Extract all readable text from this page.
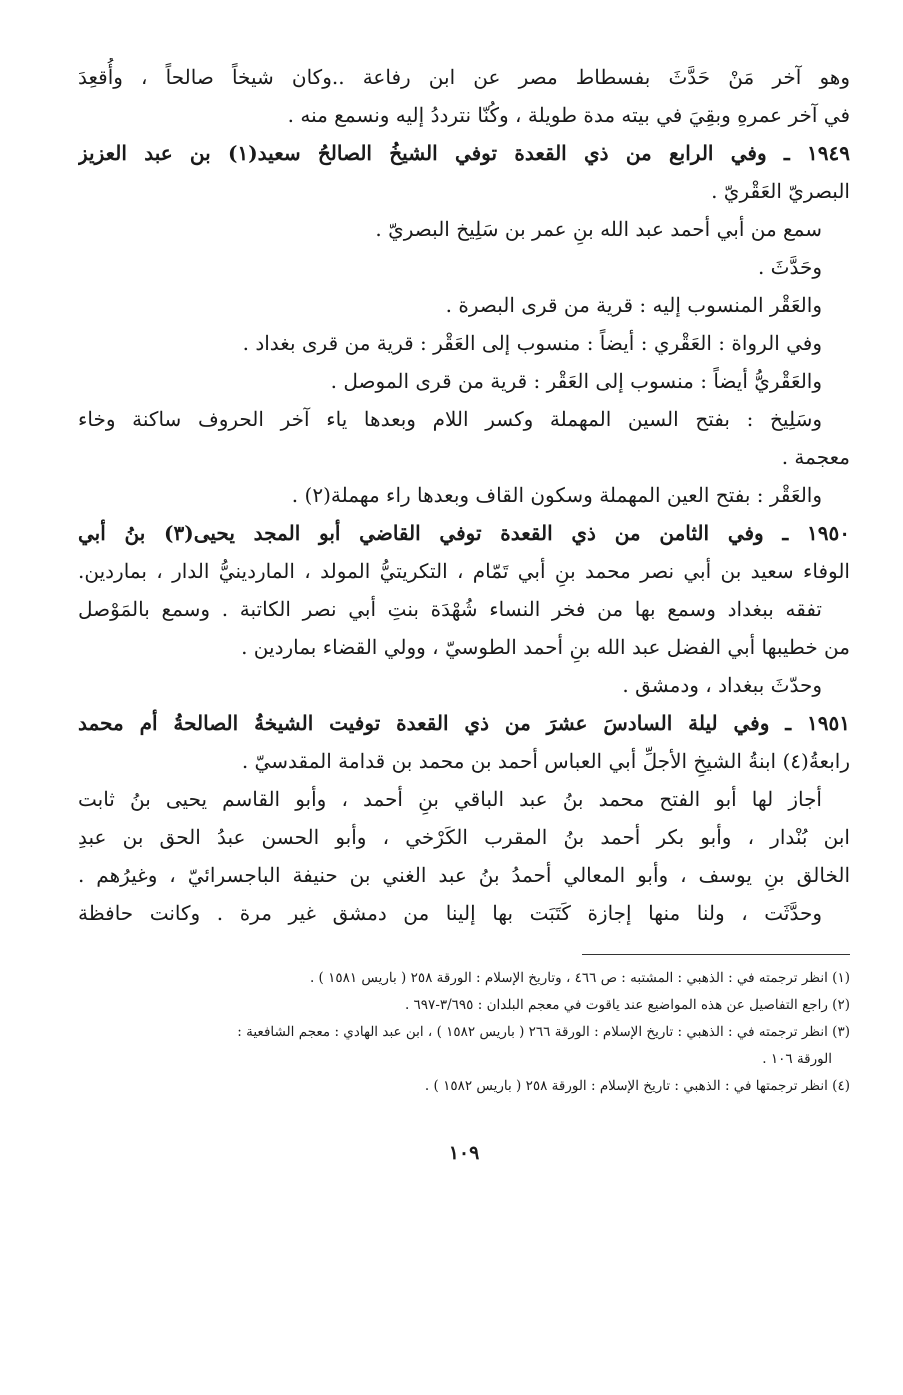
وهو آخر مَنْ حَدَّثَ بفسطاط مصر عن ابن رفاعة ..وكان شيخاً صالحاً ، وأُقعِدَ
في آخر عمرهِ وبقِيَ في بيته مدة طويلة ، وكُنّا نترددُ إليه ونسمع منه .
١٩٤٩ ـ وفي الرابع من ذي القعدة توفي الشيخُ الصالحُ سعيد(١) بن عبد العزيز
البصريّ العَقْريّ .
سمع من أبي أحمد عبد الله بنِ عمر بن سَلِيخ البصريّ .
وحَدَّثَ .
والعَقْر المنسوب إليه : قرية من قرى البصرة .
وفي الرواة : العَقْري : أيضاً : منسوب إلى العَقْر : قرية من قرى بغداد .
والعَقْريُّ أيضاً : منسوب إلى العَقْر : قرية من قرى الموصل .
وسَلِيخ : بفتح السين المهملة وكسر اللام وبعدها ياء آخر الحروف ساكنة وخاء
معجمة .
والعَقْر : بفتح العين المهملة وسكون القاف وبعدها راء مهملة(٢) .
١٩٥٠ ـ وفي الثامن من ذي القعدة توفي القاضي أبو المجد يحيى(٣) بنُ أبي
الوفاء سعيد بن أبي نصر محمد بنِ أبي تَمّام ، التكريتيُّ المولد ، الماردينيُّ الدار ، بماردين.
تفقه ببغداد وسمع بها من فخر النساء شُهْدَة بنتِ أبي نصر الكاتبة . وسمع بالمَوْصل
من خطيبها أبي الفضل عبد الله بنِ أحمد الطوسيّ ، وولي القضاء بماردين .
وحدّثَ ببغداد ، ودمشق .
١٩٥١ ـ وفي ليلة السادسَ عشرَ من ذي القعدة توفيت الشيخةُ الصالحةُ أم محمد
رابعةُ(٤) ابنةُ الشيخِ الأجلِّ أبي العباس أحمد بن محمد بن قدامة المقدسيّ .
أجاز لها أبو الفتح محمد بنُ عبد الباقي بنِ أحمد ، وأبو القاسم يحيى بنُ ثابت
ابن بُنْدار ، وأبو بكر أحمد بنُ المقرب الكَرْخي ، وأبو الحسن عبدُ الحق بن عبدِ
الخالق بنِ يوسف ، وأبو المعالي أحمدُ بنُ عبد الغني بن حنيفة الباجسرائيّ ، وغيرُهم .
وحدَّثَت ، ولنا منها إجازة كَتَبَت بها إلينا من دمشق غير مرة . وكانت حافظة
(١) انظر ترجمته في : الذهبي : المشتبه : ص ٤٦٦ ، وتاريخ الإسلام : الورقة ٢٥٨ ( باريس ١٥٨١ ) .
(٢) راجع التفاصيل عن هذه المواضيع عند ياقوت في معجم البلدان : ٣/٦٩٥-٦٩٧ .
(٣) انظر ترجمته في : الذهبي : تاريخ الإسلام : الورقة ٢٦٦ ( باريس ١٥٨٢ ) ، ابن عبد الهادي : معجم الشافعية :
الورقة ١٠٦ .
(٤) انظر ترجمتها في : الذهبي : تاريخ الإسلام : الورقة ٢٥٨ ( باريس ١٥٨٢ ) .
١٠٩
